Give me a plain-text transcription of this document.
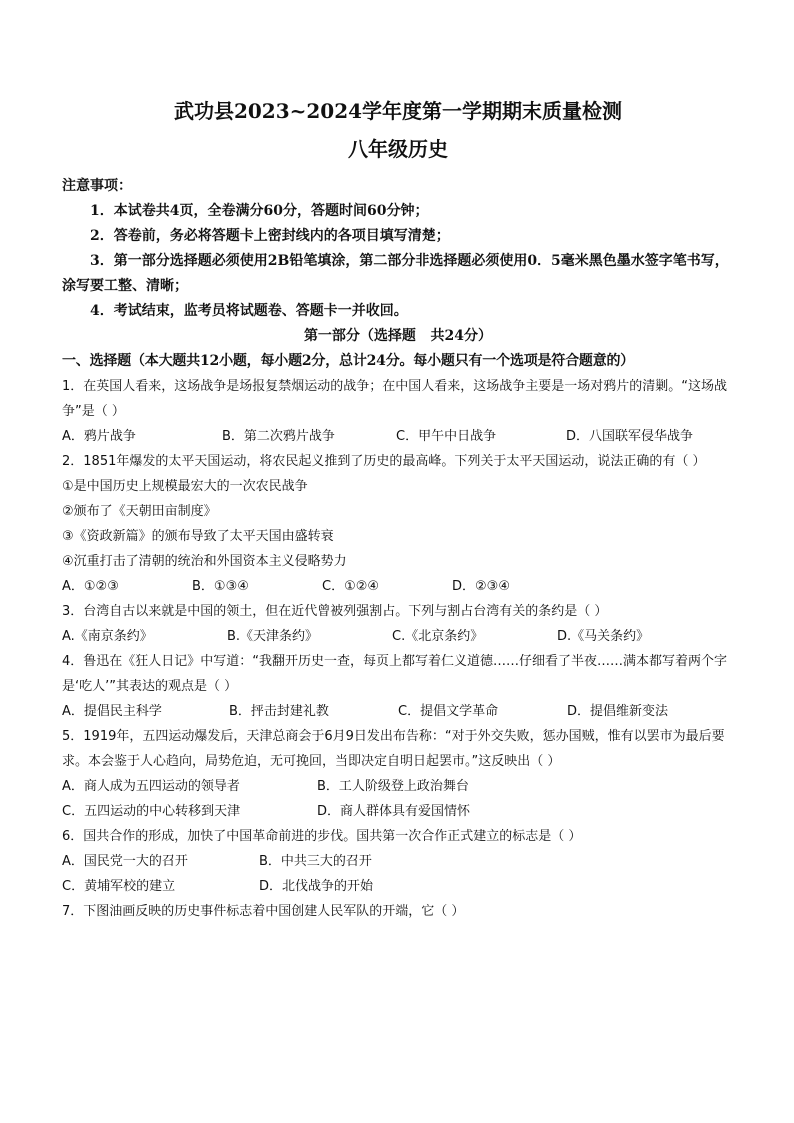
武功县2023~2024学年度第一学期期末质量检测
八年级历史
注意事项：
1．本试卷共4页，全卷满分60分，答题时间60分钟；
2．答卷前，务必将答题卡上密封线内的各项目填写清楚；
3．第一部分选择题必须使用2B铅笔填涂，第二部分非选择题必须使用0．5毫米黑色墨水签字笔书写，涂写要工整、清晰；
4．考试结束，监考员将试题卷、答题卡一并收回。
第一部分（选择题   共24分）
一、选择题（本大题共12小题，每小题2分，总计24分。每小题只有一个选项是符合题意的）
1．在英国人看来，这场战争是场报复禁烟运动的战争；在中国人看来，这场战争主要是一场对鸦片的清剿。“这场战争”是（ ）
A．鸦片战争	B．第二次鸦片战争	C．甲午中日战争	D．八国联军侵华战争
2．1851年爆发的太平天国运动，将农民起义推到了历史的最高峰。下列关于太平天国运动，说法正确的有（ ）
①是中国历史上规模最宏大的一次农民战争
②颁布了《天朝田亩制度》
③《资政新篇》的颁布导致了太平天国由盛转衰
④沉重打击了清朝的统治和外国资本主义侵略势力
A．①②③	B．①③④	C．①②④	D．②③④
3．台湾自古以来就是中国的领土，但在近代曾被列强割占。下列与割占台湾有关的条约是（ ）
A.《南京条约》	B.《天津条约》	C.《北京条约》	D.《马关条约》
4．鲁迅在《狂人日记》中写道：“我翻开历史一查，每页上都写着仁义道德……仔细看了半夜……满本都写着两个字是‘吃人’”其表达的观点是（ ）
A．提倡民主科学	B．抨击封建礼教	C．提倡文学革命	D．提倡维新变法
5．1919年，五四运动爆发后，天津总商会于6月9日发出布告称：“对于外交失败，惩办国贼，惟有以罢市为最后要求。本会鉴于人心趋向，局势危迫，无可挽回，当即决定自明日起罢市。”这反映出（ ）
A．商人成为五四运动的领导者	B．工人阶级登上政治舞台
C．五四运动的中心转移到天津	D．商人群体具有爱国情怀
6．国共合作的形成，加快了中国革命前进的步伐。国共第一次合作正式建立的标志是（ ）
A．国民党一大的召开	B．中共三大的召开
C．黄埔军校的建立	D．北伐战争的开始
7．下图油画反映的历史事件标志着中国创建人民军队的开端，它（ ）
